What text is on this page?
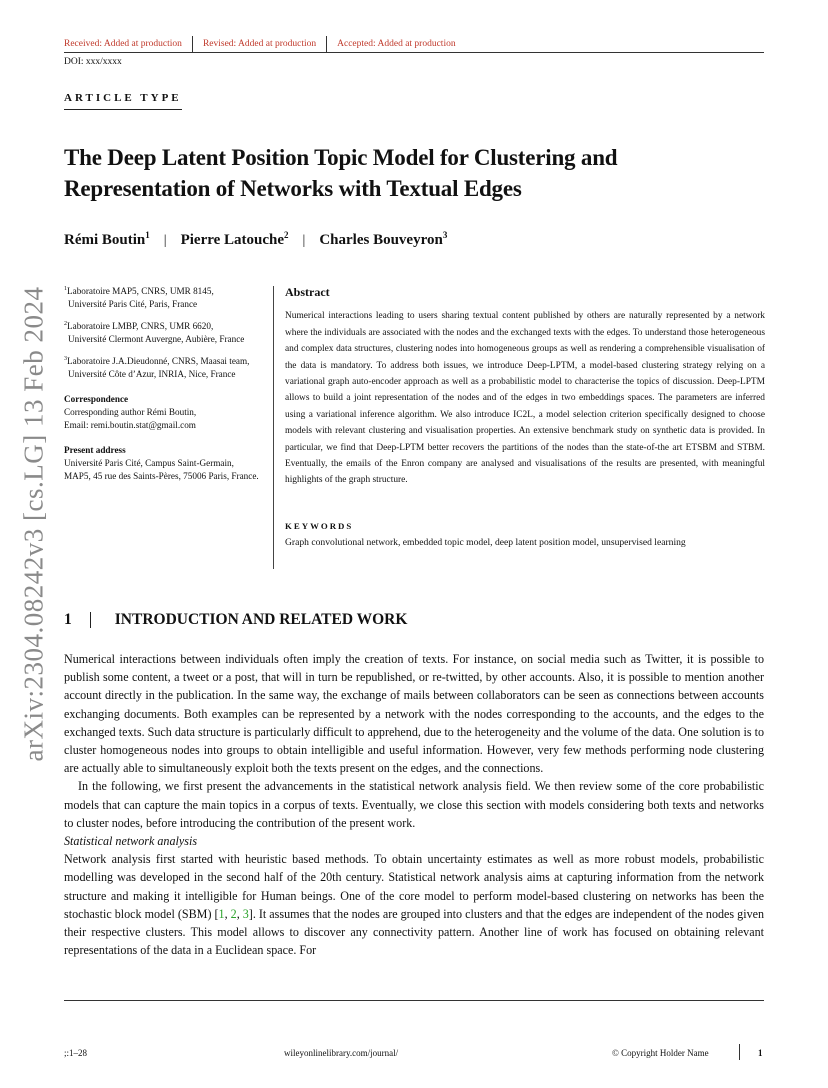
Received: Added at production Revised: Added at production Accepted: Added at production
DOI: xxx/xxxx
ARTICLE TYPE
The Deep Latent Position Topic Model for Clustering and
Representation of Networks with Textual Edges
Rémi Boutin$^1$ | Pierre Latouche$^2$ | Charles Bouveyron$^3$
arXiv:2304.08242v3 [cs.LG] 13 Feb 2024	$^1$Laboratoire MAP5, CNRS, UMR 8145,
Université Paris Cité, Paris, France
$^2$Laboratoire LMBP, CNRS, UMR 6620,
Université Clermont Auvergne, Aubière, France
$^3$Laboratoire J.A.Dieudonné, CNRS, Maasai team,
Université Côte d’Azur, INRIA, Nice, France
Correspondence
Corresponding author Rémi Boutin,
Email: remi.boutin.stat@gmail.com
Present address
Université Paris Cité, Campus Saint-Germain,
MAP5, 45 rue des Saints-Pères, 75006 Paris, France.
Abstract
Numerical interactions leading to users sharing textual content published by others are naturally represented by a network where the individuals are associated with the nodes and the exchanged texts with the edges. To understand those heterogeneous and complex data structures, clustering nodes into homogeneous groups as well as rendering a comprehensible visualisation of the data is mandatory. To address both issues, we introduce Deep-LPTM, a model-based clustering strategy relying on a variational graph auto-encoder approach as well as a probabilistic model to characterise the topics of discussion. Deep-LPTM allows to build a joint representation of the nodes and of the edges in two embeddings spaces. The parameters are inferred using a variational inference algorithm. We also introduce IC2L, a model selection criterion specifically designed to choose models with relevant clustering and visualisation properties. An extensive benchmark study on synthetic data is provided. In particular, we find that Deep-LPTM better recovers the partitions of the nodes than the state-of-the art ETSBM and STBM. Eventually, the emails of the Enron company are analysed and visualisations of the results are presented, with meaningful highlights of the graph structure.
KEYWORDS
Graph convolutional network, embedded topic model, deep latent position model, unsupervised learning
1	INTRODUCTION AND RELATED WORK

Numerical interactions between individuals often imply the creation of texts. For instance, on social media such as Twitter, it is possible to publish some content, a tweet or a post, that will in turn be republished, or re-twitted, by other accounts. Also, it is possible to mention another account directly in the publication. In the same way, the exchange of mails between collaborators can be seen as connections between accounts exchanging documents. Both examples can be represented by a network with the nodes corresponding to the accounts, and the edges to the exchanged texts. Such data structure is particularly difficult to apprehend, due to the heterogeneity and the volume of the data. One solution is to cluster homogeneous nodes into groups to obtain intelligible and useful information. However, very few methods performing node clustering are actually able to simultaneously exploit both the texts present on the edges, and the connections.

In the following, we first present the advancements in the statistical network analysis field. We then review some of the core probabilistic models that can capture the main topics in a corpus of texts. Eventually, we close this section with models considering both texts and networks to cluster nodes, before introducing the contribution of the present work.

Statistical network analysis

Network analysis first started with heuristic based methods. To obtain uncertainty estimates as well as more robust models, probabilistic modelling was developed in the second half of the 20th century. Statistical network analysis aims at capturing information from the network structure and making it intelligible for Human beings. One of the core model to perform model-based clustering on networks has been the stochastic block model (SBM) [1, 2, 3]. It assumes that the nodes are grouped into clusters and that the edges are independent of the nodes given their respective clusters. This model allows to discover any connectivity pattern. Another line of work has focused on obtaining relevant representations of the data in a Euclidean space. For

;:1–28	wileyonlinelibrary.com/journal/	© Copyright Holder Name	1
